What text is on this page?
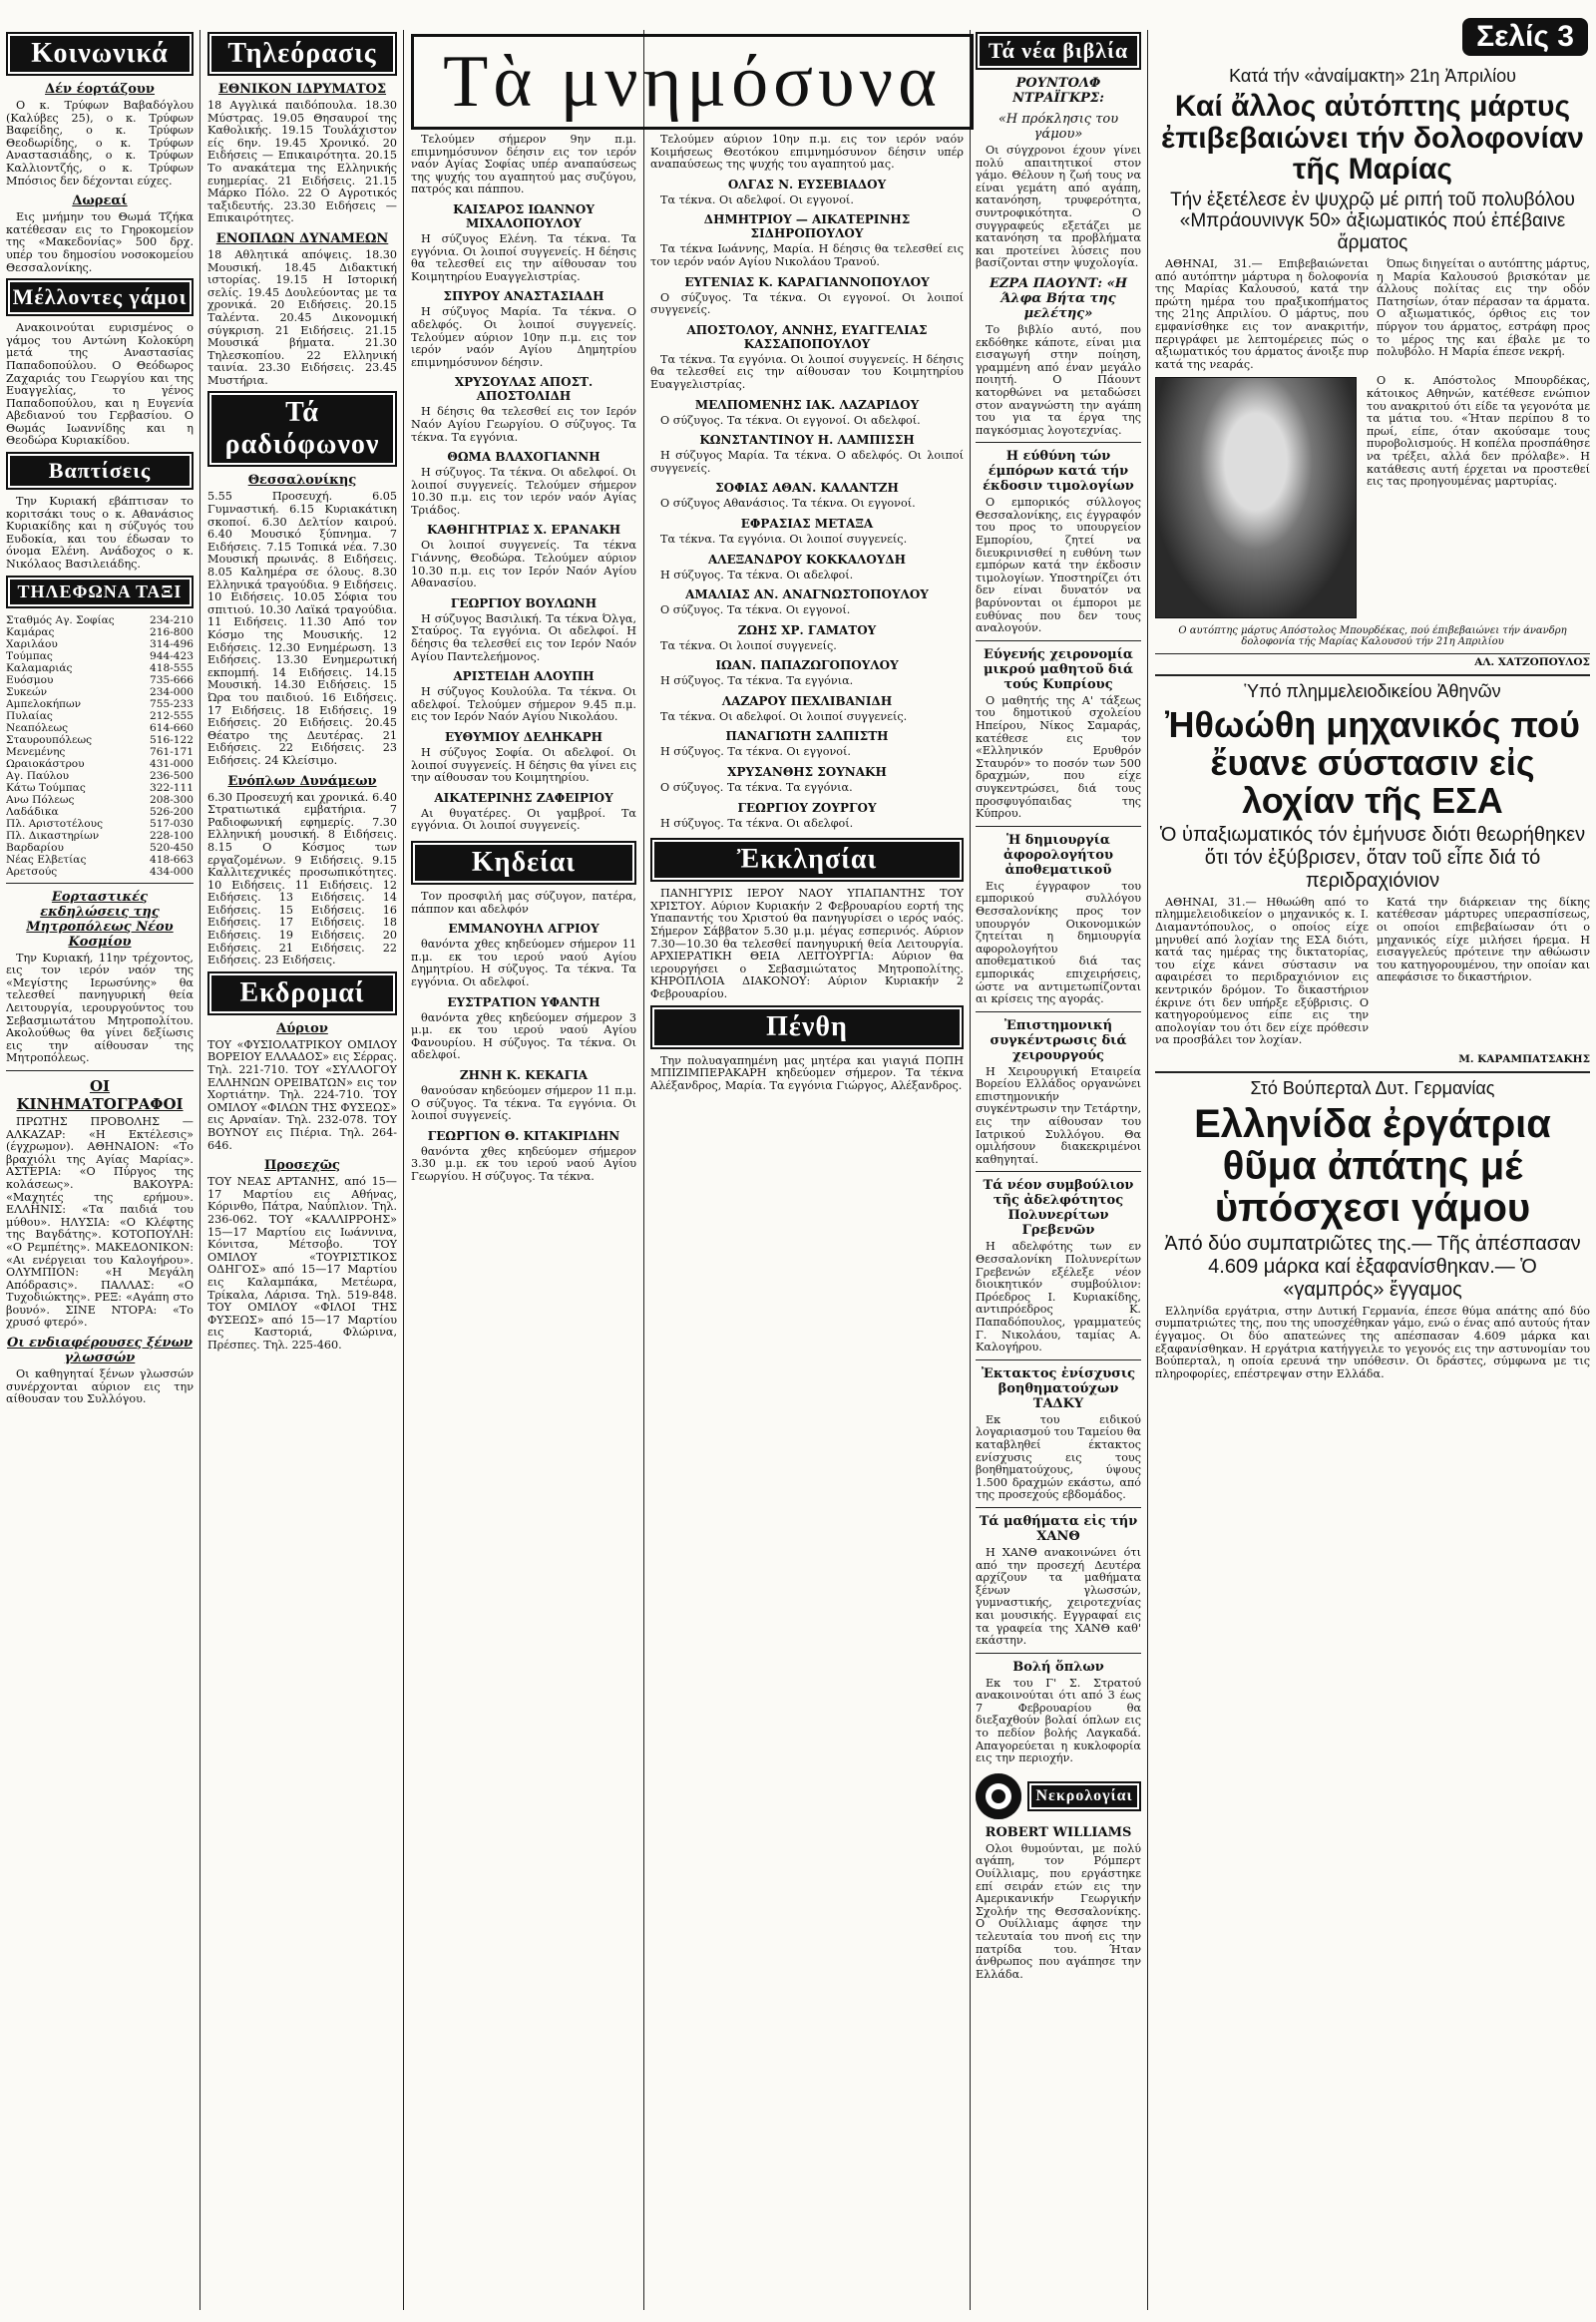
Κοινωνικά
Δέν έορτάζουν

Ο κ. Τρύφων Βαβαδόγλου (Καλύβες 25), ο κ. Τρύφων Βαφείδης, ο κ. Τρύφων Θεοδωρίδης, ο κ. Τρύφων Αναστασιάδης, ο κ. Τρύφων Καλλιοντζής, ο κ. Τρύφων Μπόσιος δεν δέχονται εύχες.

Δωρεαί

Εις μνήμην του Θωμά Τζήκα κατέθεσαν εις το Γηροκομείον της «Μακεδονίας» 500 δρχ. υπέρ του δημοσίου νοσοκομείου Θεσσαλονίκης.

Μέλλοντες γάμοι

Ανακοινούται ευρισμένος ο γάμος του Αντώνη Κολοκύρη μετά της Αναστασίας Παπαδοπούλου. Ο Θεόδωρος Ζαχαριάς του Γεωργίου και της Ευαγγελίας, το γένος Παπαδοπούλου, και η Ευγενία Αβεδιανού του Γερβασίου. Ο Θωμάς Ιωαννίδης και η Θεοδώρα Κυριακίδου.

Βαπτίσεις

Την Κυριακή εβάπτισαν το κοριτσάκι τους ο κ. Αθανάσιος Κυριακίδης και η σύζυγός του Ευδοκία, και του έδωσαν το όνομα Ελένη. Ανάδοχος ο κ. Νικόλαος Βασιλειάδης.

ΤΗΛΕΦΩΝΑ ΤΑΞΙ
Σταθμός Αγ. Σοφίας	234-210
Καμάρας	216-800
Χαριλάου	314-496
Τούμπας	944-423
Καλαμαριάς	418-555
Ευόσμου	735-666
Συκεών	234-000
Αμπελοκήπων	755-233
Πυλαίας	212-555
Νεαπόλεως	614-660
Σταυρουπόλεως	516-122
Μενεμένης	761-171
Ωραιοκάστρου	431-000
Αγ. Παύλου	236-500
Κάτω Τούμπας	322-111
Ανω Πόλεως	208-300
Λαδάδικα	526-200
Πλ. Αριστοτέλους	517-030
Πλ. Δικαστηρίων	228-100
Βαρδαρίου	520-450
Νέας Ελβετίας	418-663
Αρετσούς	434-000
Εορταστικές εκδηλώσεις της Μητροπόλεως Νέου Κοσμίου

Την Κυριακή, 11ην τρέχοντος, εις τον ιερόν ναόν της «Μεγίστης Ιερωσύνης» θα τελεσθεί πανηγυρική θεία Λειτουργία, ιερουργούντος του Σεβασμιωτάτου Μητροπολίτου. Ακολούθως θα γίνει δεξίωσις εις την αίθουσαν της Μητροπόλεως.

ΟΙ ΚΙΝΗΜΑΤΟΓΡΑΦΟΙ

ΠΡΩΤΗΣ ΠΡΟΒΟΛΗΣ — ΑΛΚΑΖΑΡ: «Η Εκτέλεσις» (έγχρωμον). ΑΘΗΝΑΙΟΝ: «Το βραχιόλι της Αγίας Μαρίας». ΑΣΤΕΡΙΑ: «Ο Πύργος της κολάσεως». ΒΑΚΟΥΡΑ: «Μαχητές της ερήμου». ΕΛΛΗΝΙΣ: «Τα παιδιά του μύθου». ΗΛΥΣΙΑ: «Ο Κλέφτης της Βαγδάτης». ΚΟΤΟΠΟΥΛΗ: «Ο Ρεμπέτης». ΜΑΚΕΔΟΝΙΚΟΝ: «Αι ενέργειαι του Καλογήρου». ΟΛΥΜΠΙΟΝ: «Η Μεγάλη Απόδρασις». ΠΑΛΛΑΣ: «Ο Τυχοδιώκτης». ΡΕΞ: «Αγάπη στο βουνό». ΣΙΝΕ ΝΤΟΡΑ: «Το χρυσό φτερό».

Οι ενδιαφέρουσες ξένων γλωσσών

Οι καθηγηταί ξένων γλωσσών συνέρχονται αύριον εις την αίθουσαν του Συλλόγου.

Τηλεόρασις
ΕΘΝΙΚΟΝ ΙΔΡΥΜΑΤΟΣ

18 Αγγλικά παιδόπουλα. 18.30 Μύστρας. 19.05 Θησαυροί της Καθολικής. 19.15 Τουλάχιστον είς 6ην. 19.45 Χρονικό. 20 Ειδήσεις — Επικαιρότητα. 20.15 Το ανακάτεμα της Ελληνικής ευημερίας. 21 Ειδήσεις. 21.15 Μάρκο Πόλο. 22 Ο Αγροτικός ταξιδευτής. 23.30 Ειδήσεις — Επικαιρότητες.

ΕΝΟΠΛΩΝ ΔΥΝΑΜΕΩΝ

18 Αθλητικά απόψεις. 18.30 Μουσική. 18.45 Διδακτική ιστορίας. 19.15 Η Ιστορική σελίς. 19.45 Δουλεύοντας με τα χρονικά. 20 Ειδήσεις. 20.15 Ταλέντα. 20.45 Δικονομική σύγκριση. 21 Ειδήσεις. 21.15 Μουσικά βήματα. 21.30 Τηλεσκοπίου. 22 Ελληνική ταινία. 23.30 Ειδήσεις. 23.45 Μυστήρια.

Τά ραδιόφωνον
Θεσσαλονίκης

5.55 Προσευχή. 6.05 Γυμναστική. 6.15 Κυριακάτικη σκοποί. 6.30 Δελτίον καιρού. 6.40 Μουσικό ξύπνημα. 7 Ειδήσεις. 7.15 Τοπικά νέα. 7.30 Μουσική πρωινάς. 8 Ειδήσεις. 8.05 Καλημέρα σε όλους. 8.30 Ελληνικά τραγούδια. 9 Ειδήσεις. 10 Ειδήσεις. 10.05 Σόφια του σπιτιού. 10.30 Λαϊκά τραγούδια. 11 Ειδήσεις. 11.30 Από τον Κόσμο της Μουσικής. 12 Ειδήσεις. 12.30 Ενημέρωση. 13 Ειδήσεις. 13.30 Ενημερωτική εκπομπή. 14 Ειδήσεις. 14.15 Μουσική. 14.30 Ειδήσεις. 15 Ώρα του παιδιού. 16 Ειδήσεις. 17 Ειδήσεις. 18 Ειδήσεις. 19 Ειδήσεις. 20 Ειδήσεις. 20.45 Θέατρο της Δευτέρας. 21 Ειδήσεις. 22 Ειδήσεις. 23 Ειδήσεις. 24 Κλείσιμο.

Ενόπλων Δυνάμεων

6.30 Προσευχή και χρονικά. 6.40 Στρατιωτικά εμβατήρια. 7 Ραδιοφωνική εφημερίς. 7.30 Ελληνική μουσική. 8 Ειδήσεις. 8.15 Ο Κόσμος των εργαζομένων. 9 Ειδήσεις. 9.15 Καλλιτεχνικές προσωπικότητες. 10 Ειδήσεις. 11 Ειδήσεις. 12 Ειδήσεις. 13 Ειδήσεις. 14 Ειδήσεις. 15 Ειδήσεις. 16 Ειδήσεις. 17 Ειδήσεις. 18 Ειδήσεις. 19 Ειδήσεις. 20 Ειδήσεις. 21 Ειδήσεις. 22 Ειδήσεις. 23 Ειδήσεις.

Εκδρομαί
Αύριον

ΤΟΥ «ΦΥΣΙΟΛΑΤΡΙΚΟΥ ΟΜΙΛΟΥ ΒΟΡΕΙΟΥ ΕΛΛΑΔΟΣ» εις Σέρρας. Τηλ. 221-710. ΤΟΥ «ΣΥΛΛΟΓΟΥ ΕΛΛΗΝΩΝ ΟΡΕΙΒΑΤΩΝ» εις τον Χορτιάτην. Τηλ. 224-710. ΤΟΥ ΟΜΙΛΟΥ «ΦΙΛΩΝ ΤΗΣ ΦΥΣΕΩΣ» εις Αρναίαν. Τηλ. 232-078. ΤΟΥ ΒΟΥΝΟΥ εις Πιέρια. Τηλ. 264-646.

Προσεχῶς

ΤΟΥ ΝΕΑΣ ΑΡΤΑΝΗΣ, από 15—17 Μαρτίου εις Αθήνας, Κόρινθο, Πάτρα, Ναύπλιον. Τηλ. 236-062. ΤΟΥ «ΚΑΛΛΙΡΡΟΗΣ» 15—17 Μαρτίου εις Ιωάννινα, Κόνιτσα, Μέτσοβο. ΤΟΥ ΟΜΙΛΟΥ «ΤΟΥΡΙΣΤΙΚΟΣ ΟΔΗΓΟΣ» από 15—17 Μαρτίου εις Καλαμπάκα, Μετέωρα, Τρίκαλα, Λάρισα. Τηλ. 519-848. ΤΟΥ ΟΜΙΛΟΥ «ΦΙΛΟΙ ΤΗΣ ΦΥΣΕΩΣ» από 15—17 Μαρτίου εις Καστοριά, Φλώρινα, Πρέσπες. Τηλ. 225-460.

Τὰ μνημόσυνα

Τελούμεν σήμερον 9ην π.μ. επιμνημόσυνον δέησιν εις τον ιερόν ναόν Αγίας Σοφίας υπέρ αναπαύσεως της ψυχής του αγαπητού μας συζύγου, πατρός και πάππου.

ΚΑΙΣΑΡΟΣ ΙΩΑΝΝΟΥ ΜΙΧΑΛΟΠΟΥΛΟΥ

Η σύζυγος Ελένη. Τα τέκνα. Τα εγγόνια. Οι λοιποί συγγενείς. Η δέησις θα τελεσθεί εις την αίθουσαν του Κοιμητηρίου Ευαγγελιστρίας.

ΣΠΥΡΟΥ ΑΝΑΣΤΑΣΙΑΔΗ

Η σύζυγος Μαρία. Τα τέκνα. Ο αδελφός. Οι λοιποί συγγενείς. Τελούμεν αύριον 10ην π.μ. εις τον ιερόν ναόν Αγίου Δημητρίου επιμνημόσυνον δέησιν.

ΧΡΥΣΟΥΛΑΣ ΑΠΟΣΤ. ΑΠΟΣΤΟΛΙΔΗ

Η δέησις θα τελεσθεί εις τον Ιερόν Ναόν Αγίου Γεωργίου. Ο σύζυγος. Τα τέκνα. Τα εγγόνια.

ΘΩΜΑ ΒΛΑΧΟΓΙΑΝΝΗ

Η σύζυγος. Τα τέκνα. Οι αδελφοί. Οι λοιποί συγγενείς. Τελούμεν σήμερον 10.30 π.μ. εις τον ιερόν ναόν Αγίας Τριάδος.

ΚΑΘΗΓΗΤΡΙΑΣ Χ. ΕΡΑΝΑΚΗ

Οι λοιποί συγγενείς. Τα τέκνα Γιάννης, Θεοδώρα. Τελούμεν αύριον 10.30 π.μ. εις τον Ιερόν Ναόν Αγίου Αθανασίου.

ΓΕΩΡΓΙΟΥ ΒΟΥΛΩΝΗ

Η σύζυγος Βασιλική. Τα τέκνα Όλγα, Σταύρος. Τα εγγόνια. Οι αδελφοί. Η δέησις θα τελεσθεί εις τον Ιερόν Ναόν Αγίου Παντελεήμονος.

ΑΡΙΣΤΕΙΔΗ ΑΛΟΥΠΗ

Η σύζυγος Κουλούλα. Τα τέκνα. Οι αδελφοί. Τελούμεν σήμερον 9.45 π.μ. εις τον Ιερόν Ναόν Αγίου Νικολάου.

ΕΥΘΥΜΙΟΥ ΔΕΛΗΚΑΡΗ

Η σύζυγος Σοφία. Οι αδελφοί. Οι λοιποί συγγενείς. Η δέησις θα γίνει εις την αίθουσαν του Κοιμητηρίου.

ΑΙΚΑΤΕΡΙΝΗΣ ΖΑΦΕΙΡΙΟΥ

Αι θυγατέρες. Οι γαμβροί. Τα εγγόνια. Οι λοιποί συγγενείς.

Κηδείαι

Τον προσφιλή μας σύζυγον, πατέρα, πάππον και αδελφόν

ΕΜΜΑΝΟΥΗΛ ΑΓΡΙΟΥ

θανόντα χθες κηδεύομεν σήμερον 11 π.μ. εκ του ιερού ναού Αγίου Δημητρίου. Η σύζυγος. Τα τέκνα. Τα εγγόνια. Οι αδελφοί.

ΕΥΣΤΡΑΤΙΟΝ ΥΦΑΝΤΗ

θανόντα χθες κηδεύομεν σήμερον 3 μ.μ. εκ του ιερού ναού Αγίου Φανουρίου. Η σύζυγος. Τα τέκνα. Οι αδελφοί.

ΖΗΝΗ Κ. ΚΕΚΑΓΙΑ

θανούσαν κηδεύομεν σήμερον 11 π.μ. Ο σύζυγος. Τα τέκνα. Τα εγγόνια. Οι λοιποί συγγενείς.

ΓΕΩΡΓΙΟΝ Θ. ΚΙΤΑΚΙΡΙΔΗΝ

θανόντα χθες κηδεύομεν σήμερον 3.30 μ.μ. εκ του ιερού ναού Αγίου Γεωργίου. Η σύζυγος. Τα τέκνα.

Τελούμεν αύριον 10ην π.μ. εις τον ιερόν ναόν Κοιμήσεως Θεοτόκου επιμνημόσυνον δέησιν υπέρ αναπαύσεως της ψυχής του αγαπητού μας.

ΟΛΓΑΣ Ν. ΕΥΣΕΒΙΑΔΟΥ

Τα τέκνα. Οι αδελφοί. Οι εγγονοί.

ΔΗΜΗΤΡΙΟΥ — ΑΙΚΑΤΕΡΙΝΗΣ ΣΙΔΗΡΟΠΟΥΛΟΥ

Τα τέκνα Ιωάννης, Μαρία. Η δέησις θα τελεσθεί εις τον ιερόν ναόν Αγίου Νικολάου Τρανού.

ΕΥΓΕΝΙΑΣ Κ. ΚΑΡΑΓΙΑΝΝΟΠΟΥΛΟΥ

Ο σύζυγος. Τα τέκνα. Οι εγγονοί. Οι λοιποί συγγενείς.

ΑΠΟΣΤΟΛΟΥ, ΑΝΝΗΣ, ΕΥΑΓΓΕΛΙΑΣ ΚΑΣΣΑΠΟΠΟΥΛΟΥ

Τα τέκνα. Τα εγγόνια. Οι λοιποί συγγενείς. Η δέησις θα τελεσθεί εις την αίθουσαν του Κοιμητηρίου Ευαγγελιστρίας.

ΜΕΛΠΟΜΕΝΗΣ ΙΑΚ. ΛΑΖΑΡΙΔΟΥ

Ο σύζυγος. Τα τέκνα. Οι εγγονοί. Οι αδελφοί.

ΚΩΝΣΤΑΝΤΙΝΟΥ Η. ΛΑΜΠΙΣΣΗ

Η σύζυγος Μαρία. Τα τέκνα. Ο αδελφός. Οι λοιποί συγγενείς.

ΣΟΦΙΑΣ ΑΘΑΝ. ΚΑΛΑΝΤΖΗ

Ο σύζυγος Αθανάσιος. Τα τέκνα. Οι εγγονοί.

ΕΦΡΑΣΙΑΣ ΜΕΤΑΞΑ

Τα τέκνα. Τα εγγόνια. Οι λοιποί συγγενείς.

ΑΛΕΞΑΝΔΡΟΥ ΚΟΚΚΑΛΟΥΔΗ

Η σύζυγος. Τα τέκνα. Οι αδελφοί.

ΑΜΑΛΙΑΣ ΑΝ. ΑΝΑΓΝΩΣΤΟΠΟΥΛΟΥ

Ο σύζυγος. Τα τέκνα. Οι εγγονοί.

ΖΩΗΣ ΧΡ. ΓΑΜΑΤΟΥ

Τα τέκνα. Οι λοιποί συγγενείς.

ΙΩΑΝ. ΠΑΠΑΖΩΓΟΠΟΥΛΟΥ

Η σύζυγος. Τα τέκνα. Τα εγγόνια.

ΛΑΖΑΡΟΥ ΠΕΧΛΙΒΑΝΙΔΗ

Τα τέκνα. Οι αδελφοί. Οι λοιποί συγγενείς.

ΠΑΝΑΓΙΩΤΗ ΣΑΛΠΙΣΤΗ

Η σύζυγος. Τα τέκνα. Οι εγγονοί.

ΧΡΥΣΑΝΘΗΣ ΣΟΥΝΑΚΗ

Ο σύζυγος. Τα τέκνα. Τα εγγόνια.

ΓΕΩΡΓΙΟΥ ΖΟΥΡΓΟΥ

Η σύζυγος. Τα τέκνα. Οι αδελφοί.

Ἐκκλησίαι

ΠΑΝΗΓΥΡΙΣ ΙΕΡΟΥ ΝΑΟΥ ΥΠΑΠΑΝΤΗΣ ΤΟΥ ΧΡΙΣΤΟΥ. Αύριον Κυριακήν 2 Φεβρουαρίου εορτή της Υπαπαντής του Χριστού θα πανηγυρίσει ο ιερός ναός. Σήμερον Σάββατον 5.30 μ.μ. μέγας εσπερινός. Αύριον 7.30—10.30 θα τελεσθεί πανηγυρική θεία Λειτουργία. ΑΡΧΙΕΡΑΤΙΚΗ ΘΕΙΑ ΛΕΙΤΟΥΡΓΙΑ: Αύριον θα ιερουργήσει ο Σεβασμιώτατος Μητροπολίτης. ΚΗΡΟΠΛΟΙΑ ΔΙΑΚΟΝΟΥ: Αύριον Κυριακήν 2 Φεβρουαρίου.

Πένθη

Την πολυαγαπημένη μας μητέρα και γιαγιά ΠΟΠΗ ΜΠΙΖΙΜΠΕΡΑΚΑΡΗ κηδεύομεν σήμερον. Τα τέκνα Αλέξανδρος, Μαρία. Τα εγγόνια Γιώργος, Αλέξανδρος.

Τά νέα βιβλία
ΡΟΥΝΤΟΛΦ ΝΤΡΑΪΓΚΡΣ:
«Η πρόκλησις του γάμου»

Οι σύγχρονοι έχουν γίνει πολύ απαιτητικοί στον γάμο. Θέλουν η ζωή τους να είναι γεμάτη από αγάπη, κατανόηση, τρυφερότητα, συντροφικότητα. Ο συγγραφεύς εξετάζει με κατανόηση τα προβλήματα και προτείνει λύσεις που βασίζονται στην ψυχολογία.

ΕΖΡΑ ΠΑΟΥΝΤ: «Η Άλφα Βήτα της μελέτης»

Το βιβλίο αυτό, που εκδόθηκε κάποτε, είναι μια εισαγωγή στην ποίηση, γραμμένη από έναν μεγάλο ποιητή. Ο Πάουντ κατορθώνει να μεταδώσει στον αναγνώστη την αγάπη του για τα έργα της παγκόσμιας λογοτεχνίας.

Η εύθύνη τών έμπόρων κατά τήν έκδοσιν τιμολογίων

Ο εμπορικός σύλλογος Θεσσαλονίκης, εις έγγραφόν του προς το υπουργείον Εμπορίου, ζητεί να διευκρινισθεί η ευθύνη των εμπόρων κατά την έκδοσιν τιμολογίων. Υποστηρίζει ότι δεν είναι δυνατόν να βαρύνονται οι έμποροι με ευθύνας που δεν τους αναλογούν.

Εύγενής χειρονομία μικρού μαθητοῦ διά τούς Κυπρίους

Ο μαθητής της Α' τάξεως του δημοτικού σχολείου Ηπείρου, Νίκος Σαμαράς, κατέθεσε εις τον «Ελληνικόν Ερυθρόν Σταυρόν» το ποσόν των 500 δραχμών, που είχε συγκεντρώσει, διά τους προσφυγόπαιδας της Κύπρου.

Ἡ δημιουργία ἀφορολογήτου ἀποθεματικοῦ

Εις έγγραφον του εμπορικού συλλόγου Θεσσαλονίκης προς τον υπουργόν Οικονομικών ζητείται η δημιουργία αφορολογήτου αποθεματικού διά τας εμπορικάς επιχειρήσεις, ώστε να αντιμετωπίζονται αι κρίσεις της αγοράς.

Ἐπιστημονική συγκέντρωσις διά χειρουργούς

Η Χειρουργική Εταιρεία Βορείου Ελλάδος οργανώνει επιστημονικήν συγκέντρωσιν την Τετάρτην, εις την αίθουσαν του Ιατρικού Συλλόγου. Θα ομιλήσουν διακεκριμένοι καθηγηταί.

Τά νέον συμβούλιον τῆς ἀδελφότητος Πολυνερίτων Γρεβενῶν

Η αδελφότης των εν Θεσσαλονίκη Πολυνερίτων Γρεβενών εξέλεξε νέον διοικητικόν συμβούλιον: Πρόεδρος Ι. Κυριακίδης, αντιπρόεδρος Κ. Παπαδόπουλος, γραμματεύς Γ. Νικολάου, ταμίας Α. Καλογήρου.

Ἐκτακτος ἐνίσχυσις βοηθηματούχων ΤΑΔΚΥ

Εκ του ειδικού λογαριασμού του Ταμείου θα καταβληθεί έκτακτος ενίσχυσις εις τους βοηθηματούχους, ύψους 1.500 δραχμών εκάστω, από της προσεχούς εβδομάδος.

Τά μαθήματα εἰς τήν ΧΑΝΘ

Η ΧΑΝΘ ανακοινώνει ότι από την προσεχή Δευτέρα αρχίζουν τα μαθήματα ξένων γλωσσών, γυμναστικής, χειροτεχνίας και μουσικής. Εγγραφαί εις τα γραφεία της ΧΑΝΘ καθ' εκάστην.

Βολή ὅπλων

Εκ του Γ' Σ. Στρατού ανακοινούται ότι από 3 έως 7 Φεβρουαρίου θα διεξαχθούν βολαί όπλων εις το πεδίον βολής Λαγκαδά. Απαγορεύεται η κυκλοφορία εις την περιοχήν.

Νεκρολογίαι
ROBERT WILLIAMS

Ολοι θυμούνται, με πολύ αγάπη, τον Ρόμπερτ Ουίλλιαμς, που εργάστηκε επί σειράν ετών εις την Αμερικανικήν Γεωργικήν Σχολήν της Θεσσαλονίκης. Ο Ουίλλιαμς άφησε την τελευταία του πνοή εις την πατρίδα του. Ήταν άνθρωπος που αγάπησε την Ελλάδα.

Σελίς 3
Κατά τήν «ἀναίμακτη» 21η Ἀπριλίου
Καί ἄλλος αὐτόπτης μάρτυς ἐπιβεβαιώνει τήν δολοφονίαν τῆς Μαρίας
Τήν ἐξετέλεσε ἐν ψυχρῷ μέ ριπή τοῦ πολυβόλου «Μπράουνινγκ 50» ἀξιωματικός πού ἐπέβαινε ἅρματος

ΑΘΗΝΑΙ, 31.— Επιβεβαιώνεται από αυτόπτην μάρτυρα η δολοφονία της Μαρίας Καλουσού, κατά την πρώτη ημέρα του πραξικοπήματος της 21ης Απριλίου. Ο μάρτυς, που εμφανίσθηκε εις τον ανακριτήν, περιγράφει με λεπτομέρειες πώς ο αξιωματικός του άρματος άνοιξε πυρ κατά της νεαράς.

Όπως διηγείται ο αυτόπτης μάρτυς, η Μαρία Καλουσού βρισκόταν με άλλους πολίτας εις την οδόν Πατησίων, όταν πέρασαν τα άρματα. Ο αξιωματικός, όρθιος εις τον πύργον του άρματος, εστράφη προς το μέρος της και έβαλε με το πολυβόλο. Η Μαρία έπεσε νεκρή.

Ο κ. Απόστολος Μπουρδέκας, κάτοικος Αθηνών, κατέθεσε ενώπιον του ανακριτού ότι είδε τα γεγονότα με τα μάτια του. «Ήταν περίπου 8 το πρωί, είπε, όταν ακούσαμε τους πυροβολισμούς. Η κοπέλα προσπάθησε να τρέξει, αλλά δεν πρόλαβε». Η κατάθεσις αυτή έρχεται να προστεθεί εις τας προηγουμένας μαρτυρίας.

Ο αυτόπτης μάρτυς Απόστολος Μπουρδέκας, πού έπιβεβαιώνει τήν άνανδρη δολοφονία τής Μαρίας Καλουσού τήν 21η Απριλίου
ΑΛ. ΧΑΤΖΟΠΟΥΛΟΣ
Ὑπό πλημμελειοδικείου Ἀθηνῶν
Ἠθωώθη μηχανικός πού ἔυανε σύστασιν εἰς λοχίαν τῆς ΕΣΑ
Ὁ ὑπαξιωματικός τόν ἐμήνυσε διότι θεωρήθηκεν ὅτι τόν ἐξύβρισεν, ὅταν τοῦ εἶπε διά τό περιδραχιόνιον

ΑΘΗΝΑΙ, 31.— Ηθωώθη από το πλημμελειοδικείον ο μηχανικός κ. Ι. Διαμαντόπουλος, ο οποίος είχε μηνυθεί από λοχίαν της ΕΣΑ διότι, κατά τας ημέρας της δικτατορίας, του είχε κάνει σύστασιν να αφαιρέσει το περιδραχιόνιον εις κεντρικόν δρόμον. Το δικαστήριον έκρινε ότι δεν υπήρξε εξύβρισις. Ο κατηγορούμενος είπε εις την απολογίαν του ότι δεν είχε πρόθεσιν να προσβάλει τον λοχίαν.

Κατά την διάρκειαν της δίκης κατέθεσαν μάρτυρες υπερασπίσεως, οι οποίοι επιβεβαίωσαν ότι ο μηχανικός είχε μιλήσει ήρεμα. Η εισαγγελεύς πρότεινε την αθώωσιν του κατηγορουμένου, την οποίαν και απεφάσισε το δικαστήριον.

Μ. ΚΑΡΑΜΠΑΤΣΑΚΗΣ
Στό Βούπερταλ Δυτ. Γερμανίας
Ελληνίδα ἐργάτρια θῦμα ἀπάτης μέ ὑπόσχεσι γάμου
Ἀπό δύο συμπατριῶτες της.— Τῆς ἀπέσπασαν 4.609 μάρκα καί ἐξαφανίσθηκαν.— Ὁ «γαμπρός» ἔγγαμος

Ελληνίδα εργάτρια, στην Δυτική Γερμανία, έπεσε θύμα απάτης από δύο συμπατριώτες της, που της υποσχέθηκαν γάμο, ενώ ο ένας από αυτούς ήταν έγγαμος. Οι δύο απατεώνες της απέσπασαν 4.609 μάρκα και εξαφανίσθηκαν. Η εργάτρια κατήγγειλε το γεγονός εις την αστυνομίαν του Βούπερταλ, η οποία ερευνά την υπόθεσιν. Οι δράστες, σύμφωνα με τις πληροφορίες, επέστρεψαν στην Ελλάδα.
